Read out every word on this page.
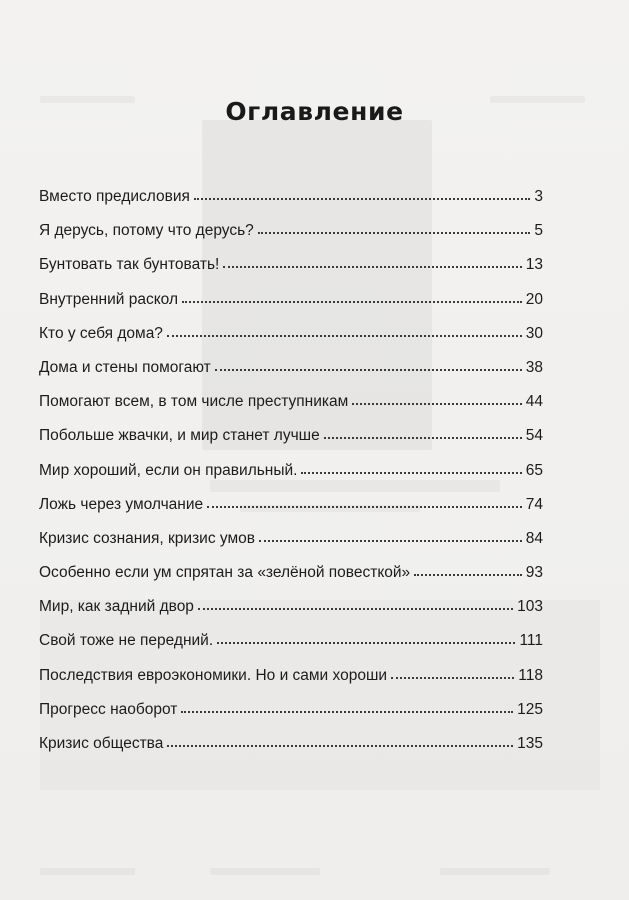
Оглавление
Вместо предисловия	3
Я дерусь, потому что дерусь?	5
Бунтовать так бунтовать!	13
Внутренний раскол	20
Кто у себя дома?	30
Дома и стены помогают	38
Помогают всем, в том числе преступникам	44
Побольше жвачки, и мир станет лучше	54
Мир хороший, если он правильный.	65
Ложь через умолчание	74
Кризис сознания, кризис умов	84
Особенно если ум спрятан за «зелёной повесткой»	93
Мир, как задний двор	103
Свой тоже не передний.	111
Последствия евроэкономики. Но и сами хороши	118
Прогресс наоборот	125
Кризис общества	135
